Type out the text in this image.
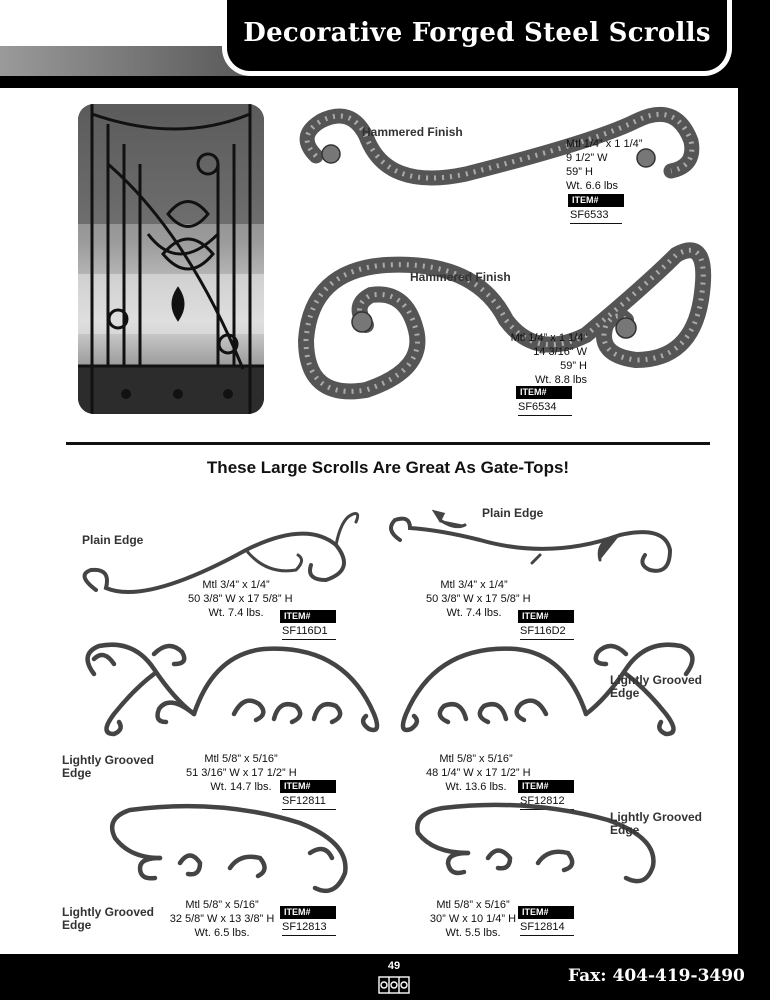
Decorative Forged Steel Scrolls
Hammered Finish
Mtl 1/4” x 1 1/4”
9 1/2” W
59” H
Wt. 6.6 lbs
ITEM#
SF6533
Hammered Finish
Mtl 1/4” x 1 1/4”
14 3/16” W
59” H
Wt. 8.8 lbs
ITEM#
SF6534
These Large Scrolls Are Great As Gate-Tops!
Plain Edge
Mtl 3/4” x 1/4”
50 3/8” W x 17 5/8” H
Wt. 7.4 lbs.	ITEM#
SF116D1
Plain Edge
Mtl 3/4” x 1/4”
50 3/8” W x 17 5/8” H
Wt. 7.4 lbs.	ITEM#
SF116D2
Lightly Grooved Edge
Mtl 5/8” x 5/16”
51 3/16” W x 17 1/2” H
Wt. 14.7 lbs.	ITEM#
SF12811
Lightly Grooved Edge
Mtl 5/8” x 5/16”
48 1/4” W x 17 1/2” H
Wt. 13.6 lbs.	ITEM#
SF12812
Lightly Grooved Edge
Mtl 5/8” x 5/16”
32 5/8” W x 13 3/8” H
Wt. 6.5 lbs.
ITEM#
SF12813
Lightly Grooved Edge
Mtl 5/8” x 5/16”
30” W x 10 1/4” H
Wt. 5.5 lbs.
ITEM#
SF12814
49	Fax: 404-419-3490
